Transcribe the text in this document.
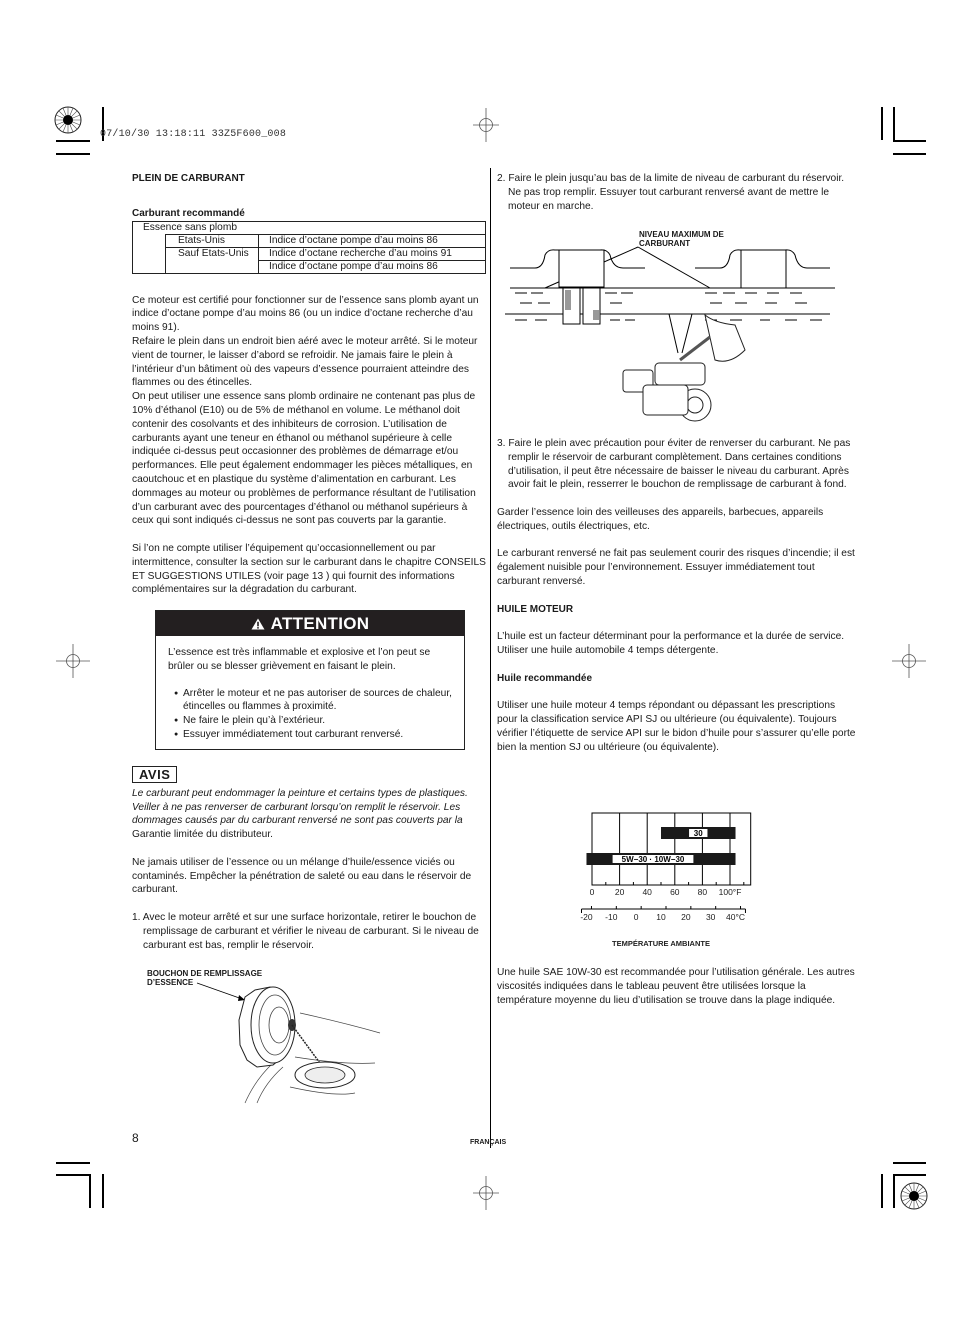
07/10/30 13:18:11 33Z5F600_008
PLEIN DE CARBURANT
Carburant recommandé
Essence sans plomb		
	Etats-Unis	Indice d’octane pompe d’au moins 86
	Sauf Etats-Unis	Indice d’octane recherche d’au moins 91
		Indice d’octane pompe d’au moins 86

Ce moteur est certifié pour fonctionner sur de l’essence sans plomb ayant un indice d’octane pompe d’au moins 86 (ou un indice d’octane recherche d’au moins 91).

Refaire le plein dans un endroit bien aéré avec le moteur arrêté. Si le moteur vient de tourner, le laisser d’abord se refroidir. Ne jamais faire le plein à l’intérieur d’un bâtiment où des vapeurs d’essence pourraient atteindre des flammes ou des étincelles.

On peut utiliser une essence sans plomb ordinaire ne contenant pas plus de 10% d’éthanol (E10) ou de 5% de méthanol en volume. Le méthanol doit contenir des cosolvants et des inhibiteurs de corrosion. L’utilisation de carburants ayant une teneur en éthanol ou méthanol supérieure à celle indiquée ci-dessus peut occasionner des problèmes de démarrage et/ou performances. Elle peut également endommager les pièces métalliques, en caoutchouc et en plastique du système d’alimentation en carburant. Les dommages au moteur ou problèmes de performance résultant de l’utilisation d’un carburant avec des pourcentages d’éthanol ou méthanol supérieurs à ceux qui sont indiqués ci-dessus ne sont pas couverts par la garantie.

Si l’on ne compte utiliser l’équipement qu’occasionnellement ou par intermittence, consulter la section sur le carburant dans le chapitre CONSEILS ET SUGGESTIONS UTILES (voir page 13 ) qui fournit des informations complémentaires sur la dégradation du carburant.

ATTENTION

L’essence est très inflammable et explosive et l’on peut se brûler ou se blesser grièvement en faisant le plein.

● Arrêter le moteur et ne pas autoriser de sources de chaleur, étincelles ou flammes à proximité.
● Ne faire le plein qu’à l’extérieur.
● Essuyer immédiatement tout carburant renversé.
AVIS

Le carburant peut endommager la peinture et certains types de plastiques. Veiller à ne pas renverser de carburant lorsqu’on remplit le réservoir. Les dommages causés par du carburant renversé ne sont pas couverts par la Garantie limitée du distributeur.

Ne jamais utiliser de l’essence ou un mélange d’huile/essence viciés ou contaminés. Empêcher la pénétration de saleté ou eau dans le réservoir de carburant.

1. Avec le moteur arrêté et sur une surface horizontale, retirer le bouchon de remplissage de carburant et vérifier le niveau de carburant. Si le niveau de carburant est bas, remplir le réservoir.

BOUCHON DE REMPLISSAGE
D’ESSENCE
8	FRANÇAIS

2. Faire le plein jusqu’au bas de la limite de niveau de carburant du réservoir. Ne pas trop remplir. Essuyer tout carburant renversé avant de mettre le moteur en marche.

NIVEAU MAXIMUM DE
CARBURANT

3. Faire le plein avec précaution pour éviter de renverser du carburant. Ne pas remplir le réservoir de carburant complètement. Dans certaines conditions d’utilisation, il peut être nécessaire de baisser le niveau du carburant. Après avoir fait le plein, resserrer le bouchon de remplissage de carburant à fond.

Garder l’essence loin des veilleuses des appareils, barbecues, appareils électriques, outils électriques, etc.

Le carburant renversé ne fait pas seulement courir des risques d’incendie; il est également nuisible pour l’environnement. Essuyer immédiatement tout carburant renversé.

HUILE MOTEUR

L’huile est un facteur déterminant pour la performance et la durée de service. Utiliser une huile automobile 4 temps détergente.

Huile recommandée

Utiliser une huile moteur 4 temps répondant ou dépassant les prescriptions pour la classification service API SJ ou ultérieure (ou équivalente). Toujours vérifier l’étiquette de service API sur le bidon d’huile pour s’assurer qu’elle porte bien la mention SJ ou ultérieure (ou équivalente).

30
5W−30 · 10W−30
0 20 40 60 80 100°F
-20 -10 0 10 20 30 40°C
TEMPÉRATURE AMBIANTE

Une huile SAE 10W-30 est recommandée pour l’utilisation générale. Les autres viscosités indiquées dans le tableau peuvent être utilisées lorsque la température moyenne du lieu d’utilisation se trouve dans la plage indiquée.
